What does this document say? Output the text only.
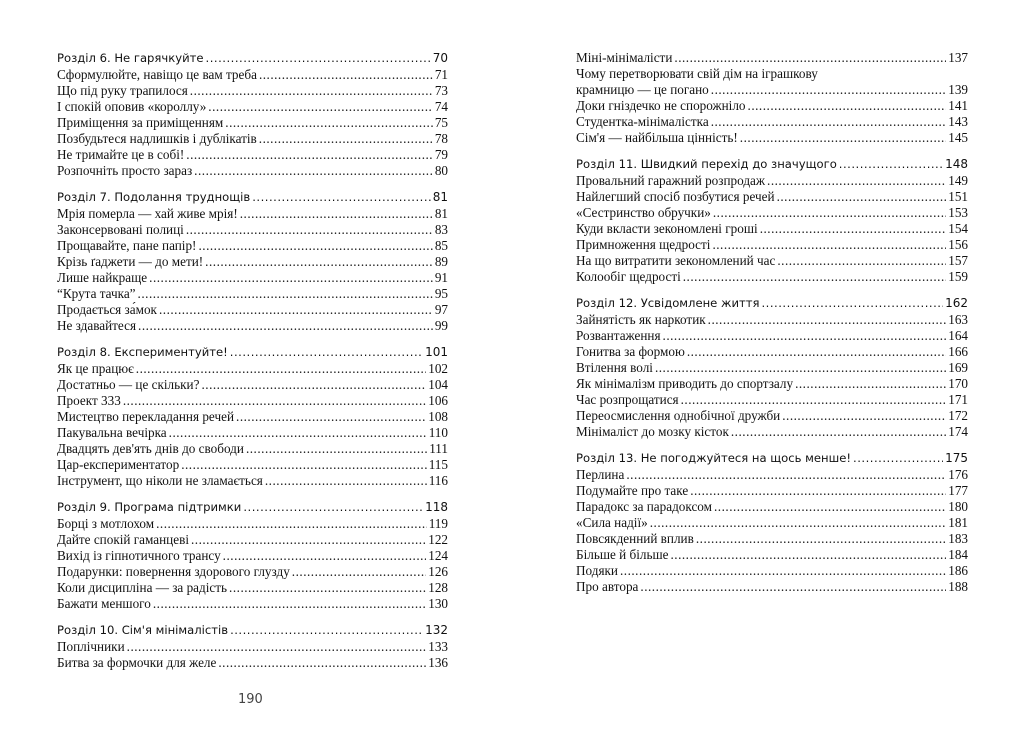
Розділ 6. Не гарячкуйте .....	70
Сформулюйте, навіщо це вам треба .....	71
Що під руку трапилося .....	73
І спокій оповив «короллу» .....	74
Приміщення за приміщенням .....	75
Позбудьтеся надлишків і дублікатів .....	78
Не тримайте це в собі! .....	79
Розпочніть просто зараз .....	80
Розділ 7. Подолання труднощів .....	81
Мрія померла — хай живе мрія! .....	81
Законсервовані полиці .....	83
Прощавайте, пане папір! .....	85
Крізь ґаджети — до мети! .....	89
Лише найкраще .....	91
“Крута тачка” .....	95
Продається за́мок .....	97
Не здавайтеся .....	99
Розділ 8. Експериментуйте! .....	101
Як це працює .....	102
Достатньо — це скільки? .....	104
Проект 333 .....	106
Мистецтво перекладання речей .....	108
Пакувальна вечірка .....	110
Двадцять дев'ять днів до свободи .....	111
Цар-експериментатор .....	115
Інструмент, що ніколи не зламається .....	116
Розділ 9. Програма підтримки .....	118
Борці з мотлохом .....	119
Дайте спокій гаманцеві .....	122
Вихід із гіпнотичного трансу .....	124
Подарунки: повернення здорового глузду .....	126
Коли дисципліна — за радість .....	128
Бажати меншого .....	130
Розділ 10. Сім'я мінімалістів .....	132
Поплічники .....	133
Битва за формочки для желе .....	136
Міні-мінімалісти .....	137
Чому перетворювати свій дім на іграшкову
крамницю — це погано .....	139
Доки гніздечко не спорожніло .....	141
Студентка-мінімалістка .....	143
Сім'я — найбільша цінність! .....	145
Розділ 11. Швидкий перехід до значущого .....	148
Провальний гаражний розпродаж .....	149
Найлегший спосіб позбутися речей .....	151
«Сестринство обручки» .....	153
Куди вкласти зекономлені гроші .....	154
Примноження щедрості .....	156
На що витратити зекономлений час .....	157
Колообіг щедрості .....	159
Розділ 12. Усвідомлене життя .....	162
Зайнятість як наркотик .....	163
Розвантаження .....	164
Гонитва за формою .....	166
Втілення волі .....	169
Як мінімалізм приводить до спортзалу .....	170
Час розпрощатися .....	171
Переосмислення однобічної дружби .....	172
Мінімаліст до мозку кісток .....	174
Розділ 13. Не погоджуйтеся на щось менше! .....	175
Перлина .....	176
Подумайте про таке .....	177
Парадокс за парадоксом .....	180
«Сила надії» .....	181
Повсякденний вплив .....	183
Більше й більше .....	184
Подяки .....	186
Про автора .....	188
190
